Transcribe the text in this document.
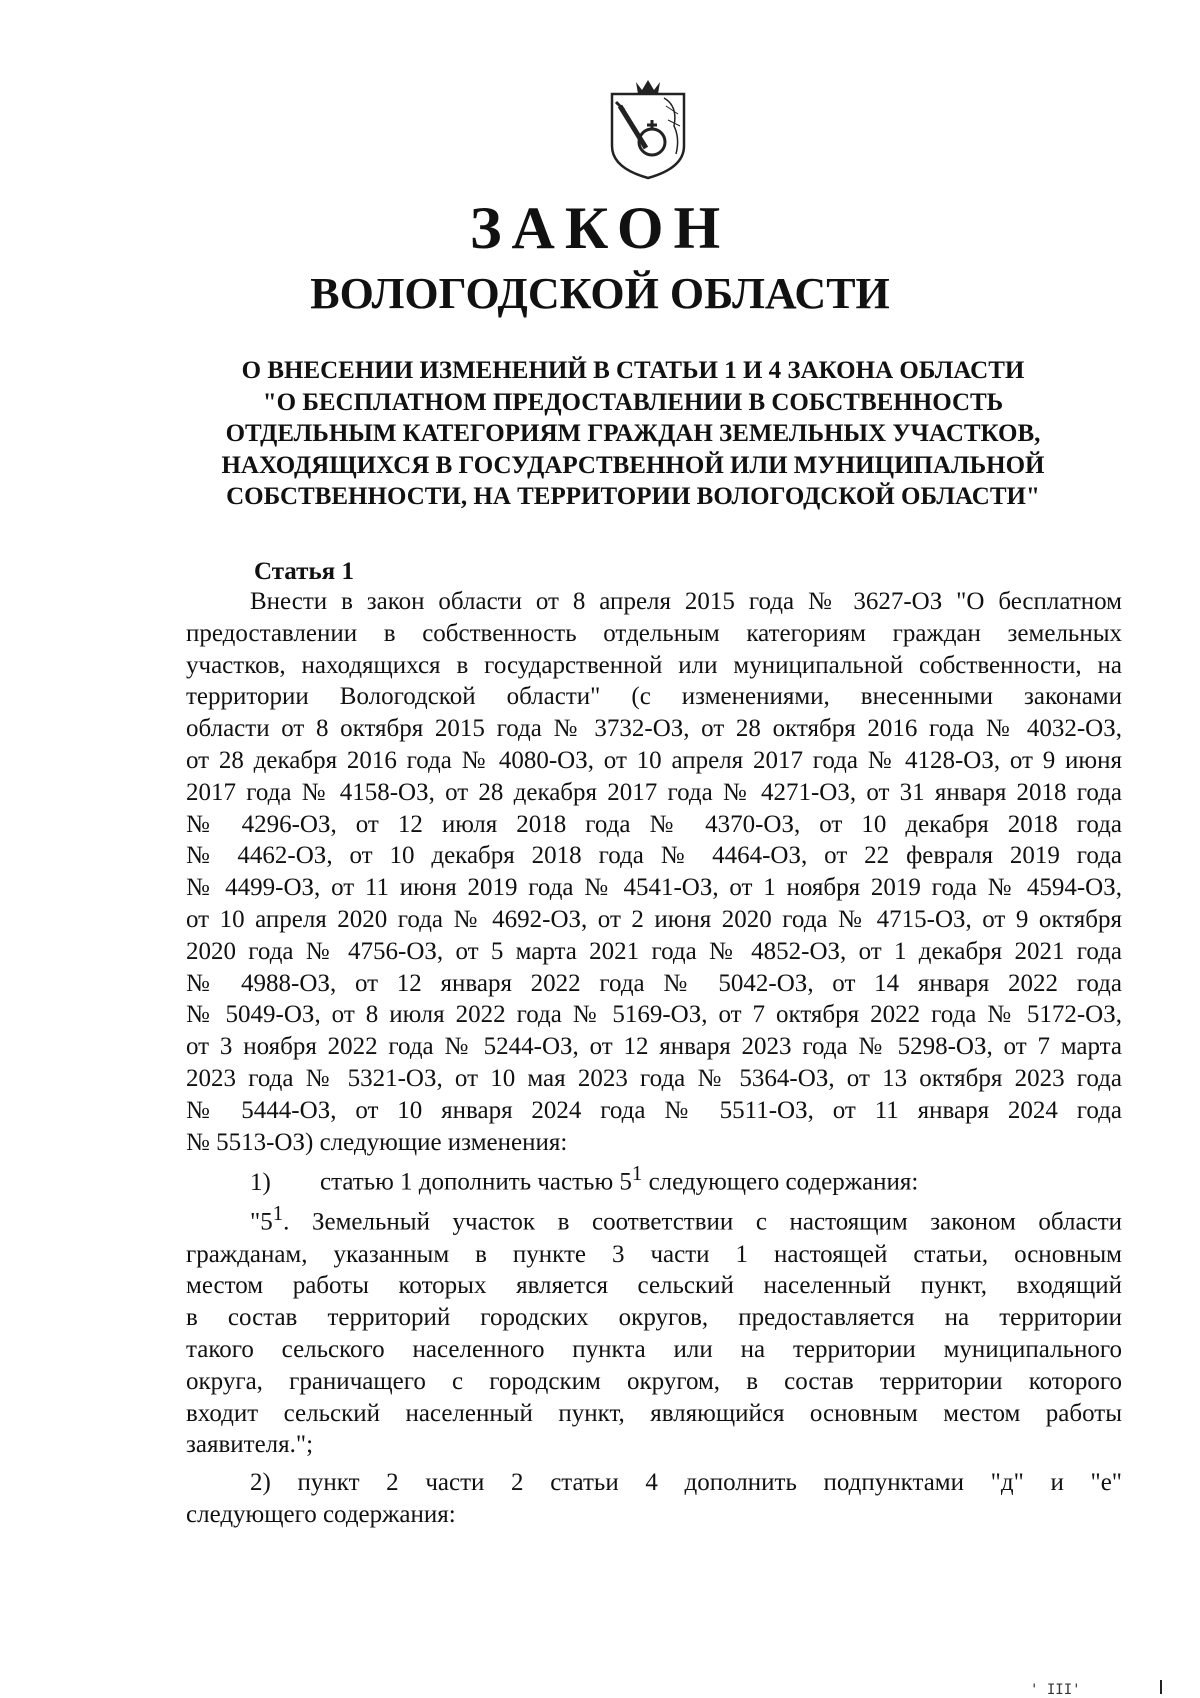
ЗАКОН
ВОЛОГОДСКОЙ ОБЛАСТИ
О ВНЕСЕНИИ ИЗМЕНЕНИЙ В СТАТЬИ 1 И 4 ЗАКОНА ОБЛАСТИ
"О БЕСПЛАТНОМ ПРЕДОСТАВЛЕНИИ В СОБСТВЕННОСТЬ
ОТДЕЛЬНЫМ КАТЕГОРИЯМ ГРАЖДАН ЗЕМЕЛЬНЫХ УЧАСТКОВ,
НАХОДЯЩИХСЯ В ГОСУДАРСТВЕННОЙ ИЛИ МУНИЦИПАЛЬНОЙ
СОБСТВЕННОСТИ, НА ТЕРРИТОРИИ ВОЛОГОДСКОЙ ОБЛАСТИ"
Статья 1
Внести в закон области от 8 апреля 2015 года № 3627-ОЗ "О бесплатном
предоставлении в собственность отдельным категориям граждан земельных
участков, находящихся в государственной или муниципальной собственности, на
территории Вологодской области" (с изменениями, внесенными законами
области от 8 октября 2015 года № 3732-ОЗ, от 28 октября 2016 года № 4032-ОЗ,
от 28 декабря 2016 года № 4080-ОЗ, от 10 апреля 2017 года № 4128-ОЗ, от 9 июня
2017 года № 4158-ОЗ, от 28 декабря 2017 года № 4271-ОЗ, от 31 января 2018 года
№ 4296-ОЗ, от 12 июля 2018 года № 4370-ОЗ, от 10 декабря 2018 года
№ 4462-ОЗ, от 10 декабря 2018 года № 4464-ОЗ, от 22 февраля 2019 года
№ 4499-ОЗ, от 11 июня 2019 года № 4541-ОЗ, от 1 ноября 2019 года № 4594-ОЗ,
от 10 апреля 2020 года № 4692-ОЗ, от 2 июня 2020 года № 4715-ОЗ, от 9 октября
2020 года № 4756-ОЗ, от 5 марта 2021 года № 4852-ОЗ, от 1 декабря 2021 года
№ 4988-ОЗ, от 12 января 2022 года № 5042-ОЗ, от 14 января 2022 года
№ 5049-ОЗ, от 8 июля 2022 года № 5169-ОЗ, от 7 октября 2022 года № 5172-ОЗ,
от 3 ноября 2022 года № 5244-ОЗ, от 12 января 2023 года № 5298-ОЗ, от 7 марта
2023 года № 5321-ОЗ, от 10 мая 2023 года № 5364-ОЗ, от 13 октября 2023 года
№ 5444-ОЗ, от 10 января 2024 года № 5511-ОЗ, от 11 января 2024 года
№ 5513-ОЗ) следующие изменения:
1) статью 1 дополнить частью $5^1$ следующего содержания:
"$5^1$. Земельный участок в соответствии с настоящим законом области
гражданам, указанным в пункте 3 части 1 настоящей статьи, основным
местом работы которых является сельский населенный пункт, входящий
в состав территорий городских округов, предоставляется на территории
такого сельского населенного пункта или на территории муниципального
округа, граничащего с городским округом, в состав территории которого
входит сельский населенный пункт, являющийся основным местом работы
заявителя.";
2) пункт 2 части 2 статьи 4 дополнить подпунктами "д" и "е"
следующего содержания:
' III'
